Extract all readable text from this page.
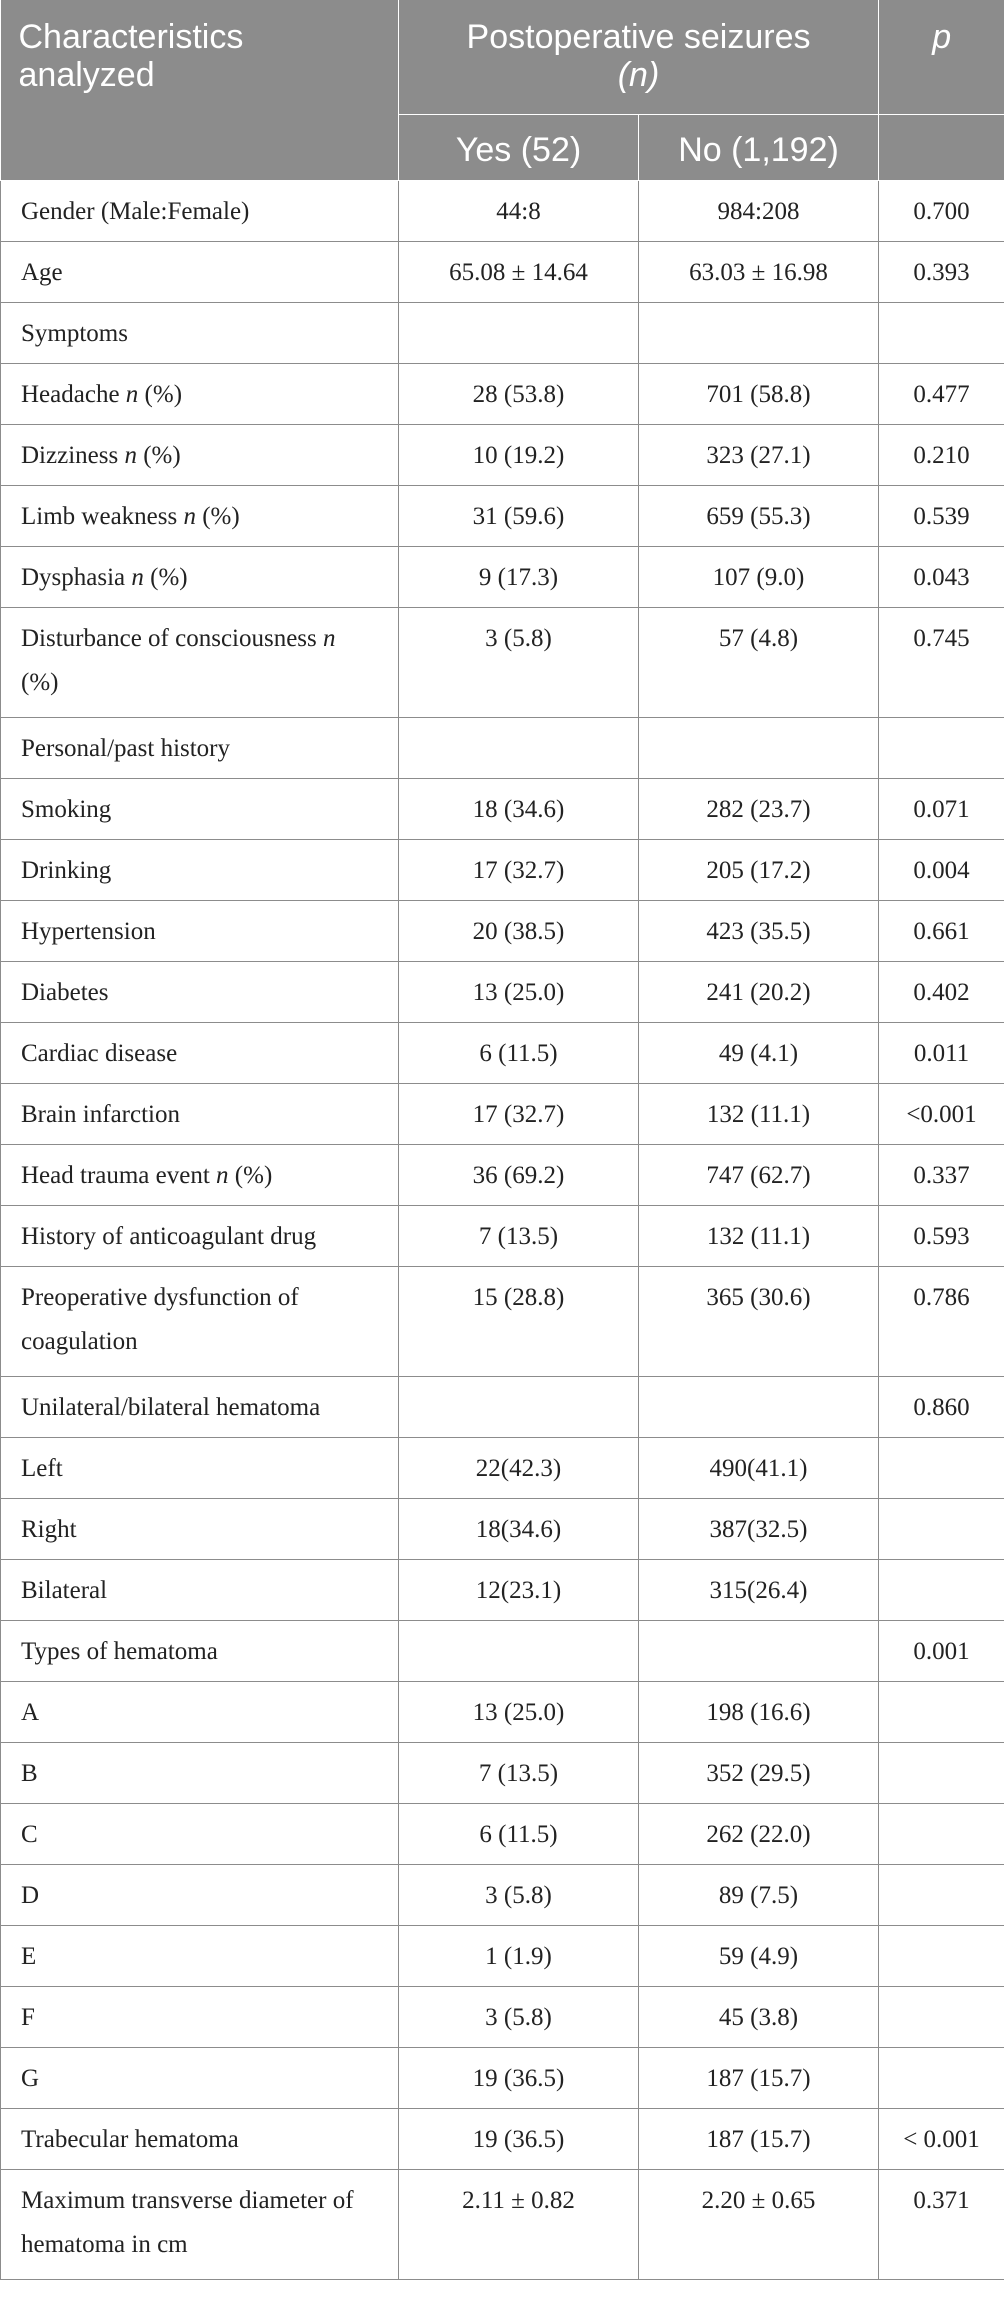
Characteristics analyzed	Postoperative seizures
(n)		p
	Yes (52)	No (1,192)	
Gender (Male:Female)	44:8	984:208	0.700
Age	65.08 ± 14.64	63.03 ± 16.98	0.393
Symptoms			
Headache n (%)	28 (53.8)	701 (58.8)	0.477
Dizziness n (%)	10 (19.2)	323 (27.1)	0.210
Limb weakness n (%)	31 (59.6)	659 (55.3)	0.539
Dysphasia n (%)	9 (17.3)	107 (9.0)	0.043
Disturbance of consciousness n (%)	3 (5.8)	57 (4.8)	0.745
Personal/past history			
Smoking	18 (34.6)	282 (23.7)	0.071
Drinking	17 (32.7)	205 (17.2)	0.004
Hypertension	20 (38.5)	423 (35.5)	0.661
Diabetes	13 (25.0)	241 (20.2)	0.402
Cardiac disease	6 (11.5)	49 (4.1)	0.011
Brain infarction	17 (32.7)	132 (11.1)	<0.001
Head trauma event n (%)	36 (69.2)	747 (62.7)	0.337
History of anticoagulant drug	7 (13.5)	132 (11.1)	0.593
Preoperative dysfunction of coagulation	15 (28.8)	365 (30.6)	0.786
Unilateral/bilateral hematoma			0.860
Left	22(42.3)	490(41.1)	
Right	18(34.6)	387(32.5)	
Bilateral	12(23.1)	315(26.4)	
Types of hematoma			0.001
A	13 (25.0)	198 (16.6)	
B	7 (13.5)	352 (29.5)	
C	6 (11.5)	262 (22.0)	
D	3 (5.8)	89 (7.5)	
E	1 (1.9)	59 (4.9)	
F	3 (5.8)	45 (3.8)	
G	19 (36.5)	187 (15.7)	
Trabecular hematoma	19 (36.5)	187 (15.7)	< 0.001
Maximum transverse diameter of hematoma in cm	2.11 ± 0.82	2.20 ± 0.65	0.371
